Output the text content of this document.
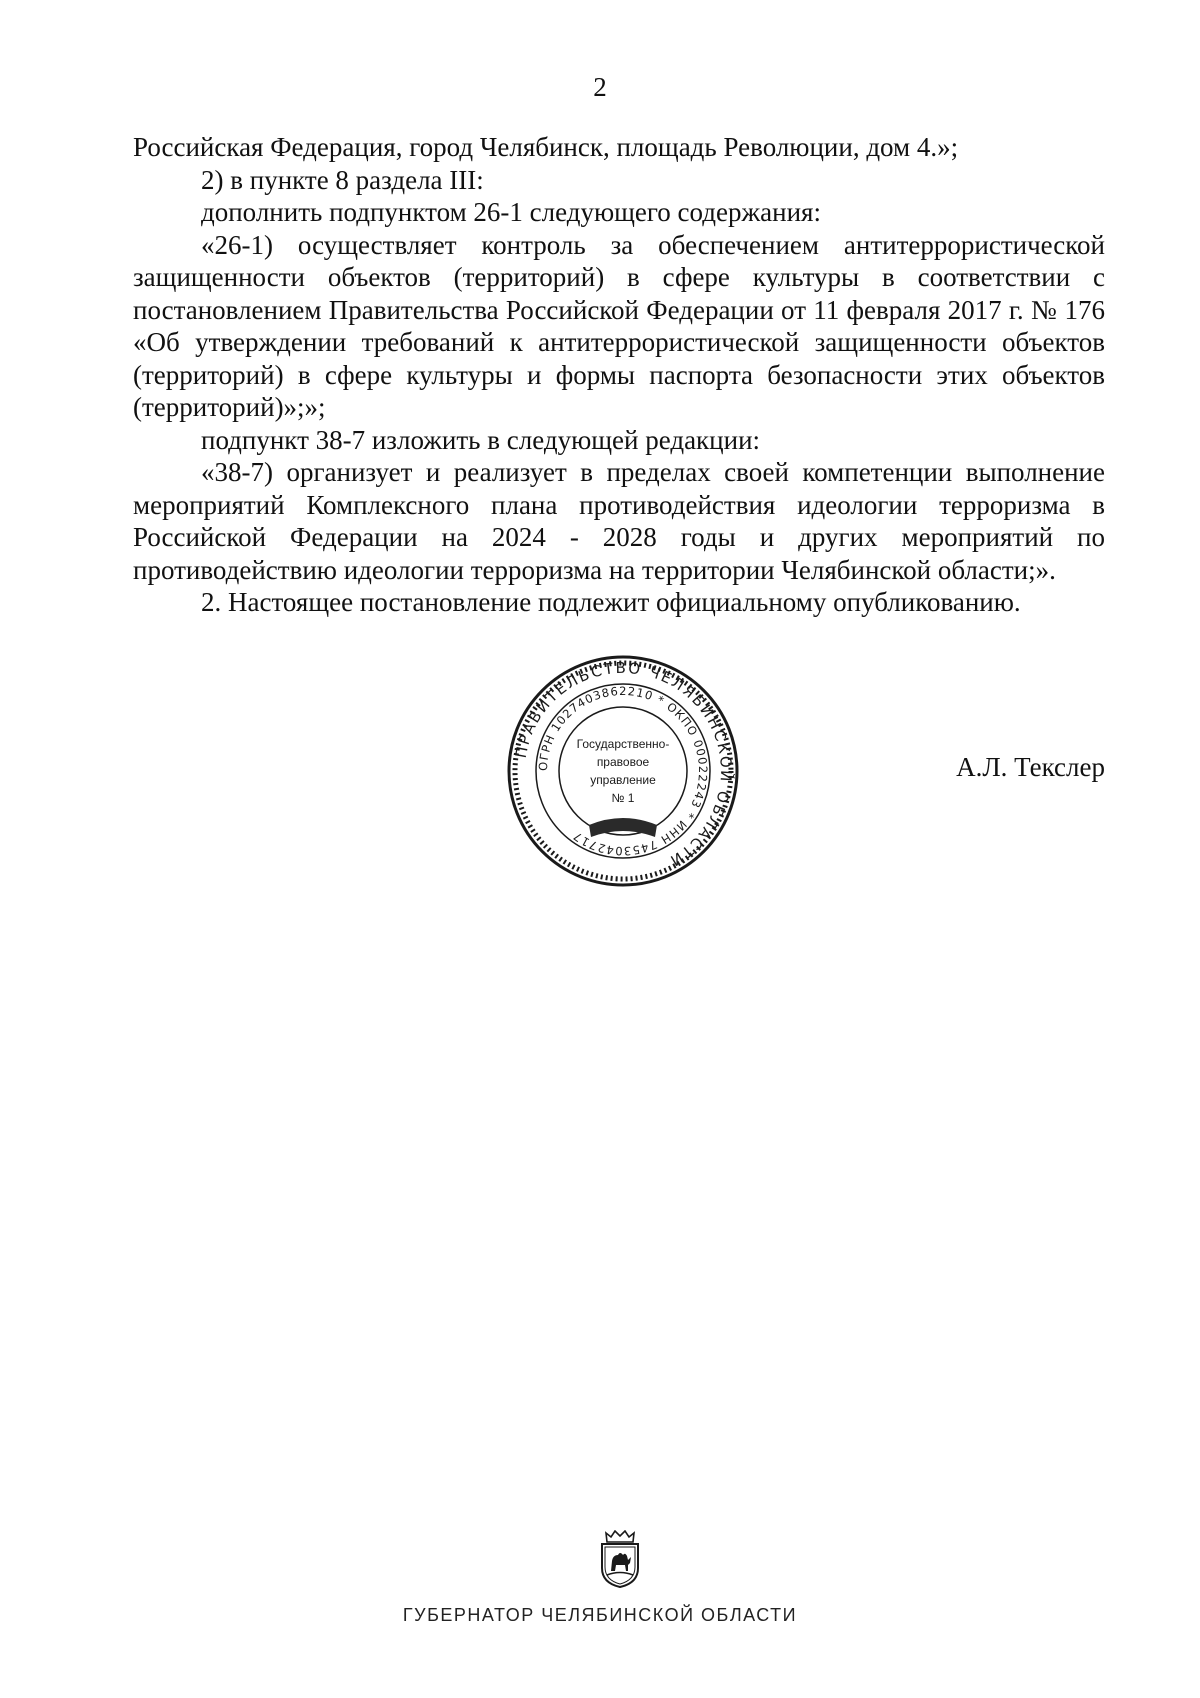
2

Российская Федерация, город Челябинск, площадь Революции, дом 4.»;

2) в пункте 8 раздела III:

дополнить подпунктом 26-1 следующего содержания:

«26-1) осуществляет контроль за обеспечением антитеррористической защищенности объектов (территорий) в сфере культуры в соответствии с постановлением Правительства Российской Федерации от 11 февраля 2017 г. № 176 «Об утверждении требований к антитеррористической защищенности объектов (территорий) в сфере культуры и формы паспорта безопасности этих объектов (территорий)»;»;

подпункт 38-7 изложить в следующей редакции:

«38-7) организует и реализует в пределах своей компетенции выполнение мероприятий Комплексного плана противодействия идеологии терроризма в Российской Федерации на 2024 - 2028 годы и других мероприятий по противодействию идеологии терроризма на территории Челябинской области;».

2. Настоящее постановление подлежит официальному опубликованию.

ПРАВИТЕЛЬСТВО ЧЕЛЯБИНСКОЙ ОБЛАСТИ
ОГРН 1027403862210 * ОКПО 00022243 * ИНН 7453042717
Государственно-
правовое
управление
№ 1
А.Л. Текслер
ГУБЕРНАТОР ЧЕЛЯБИНСКОЙ ОБЛАСТИ
